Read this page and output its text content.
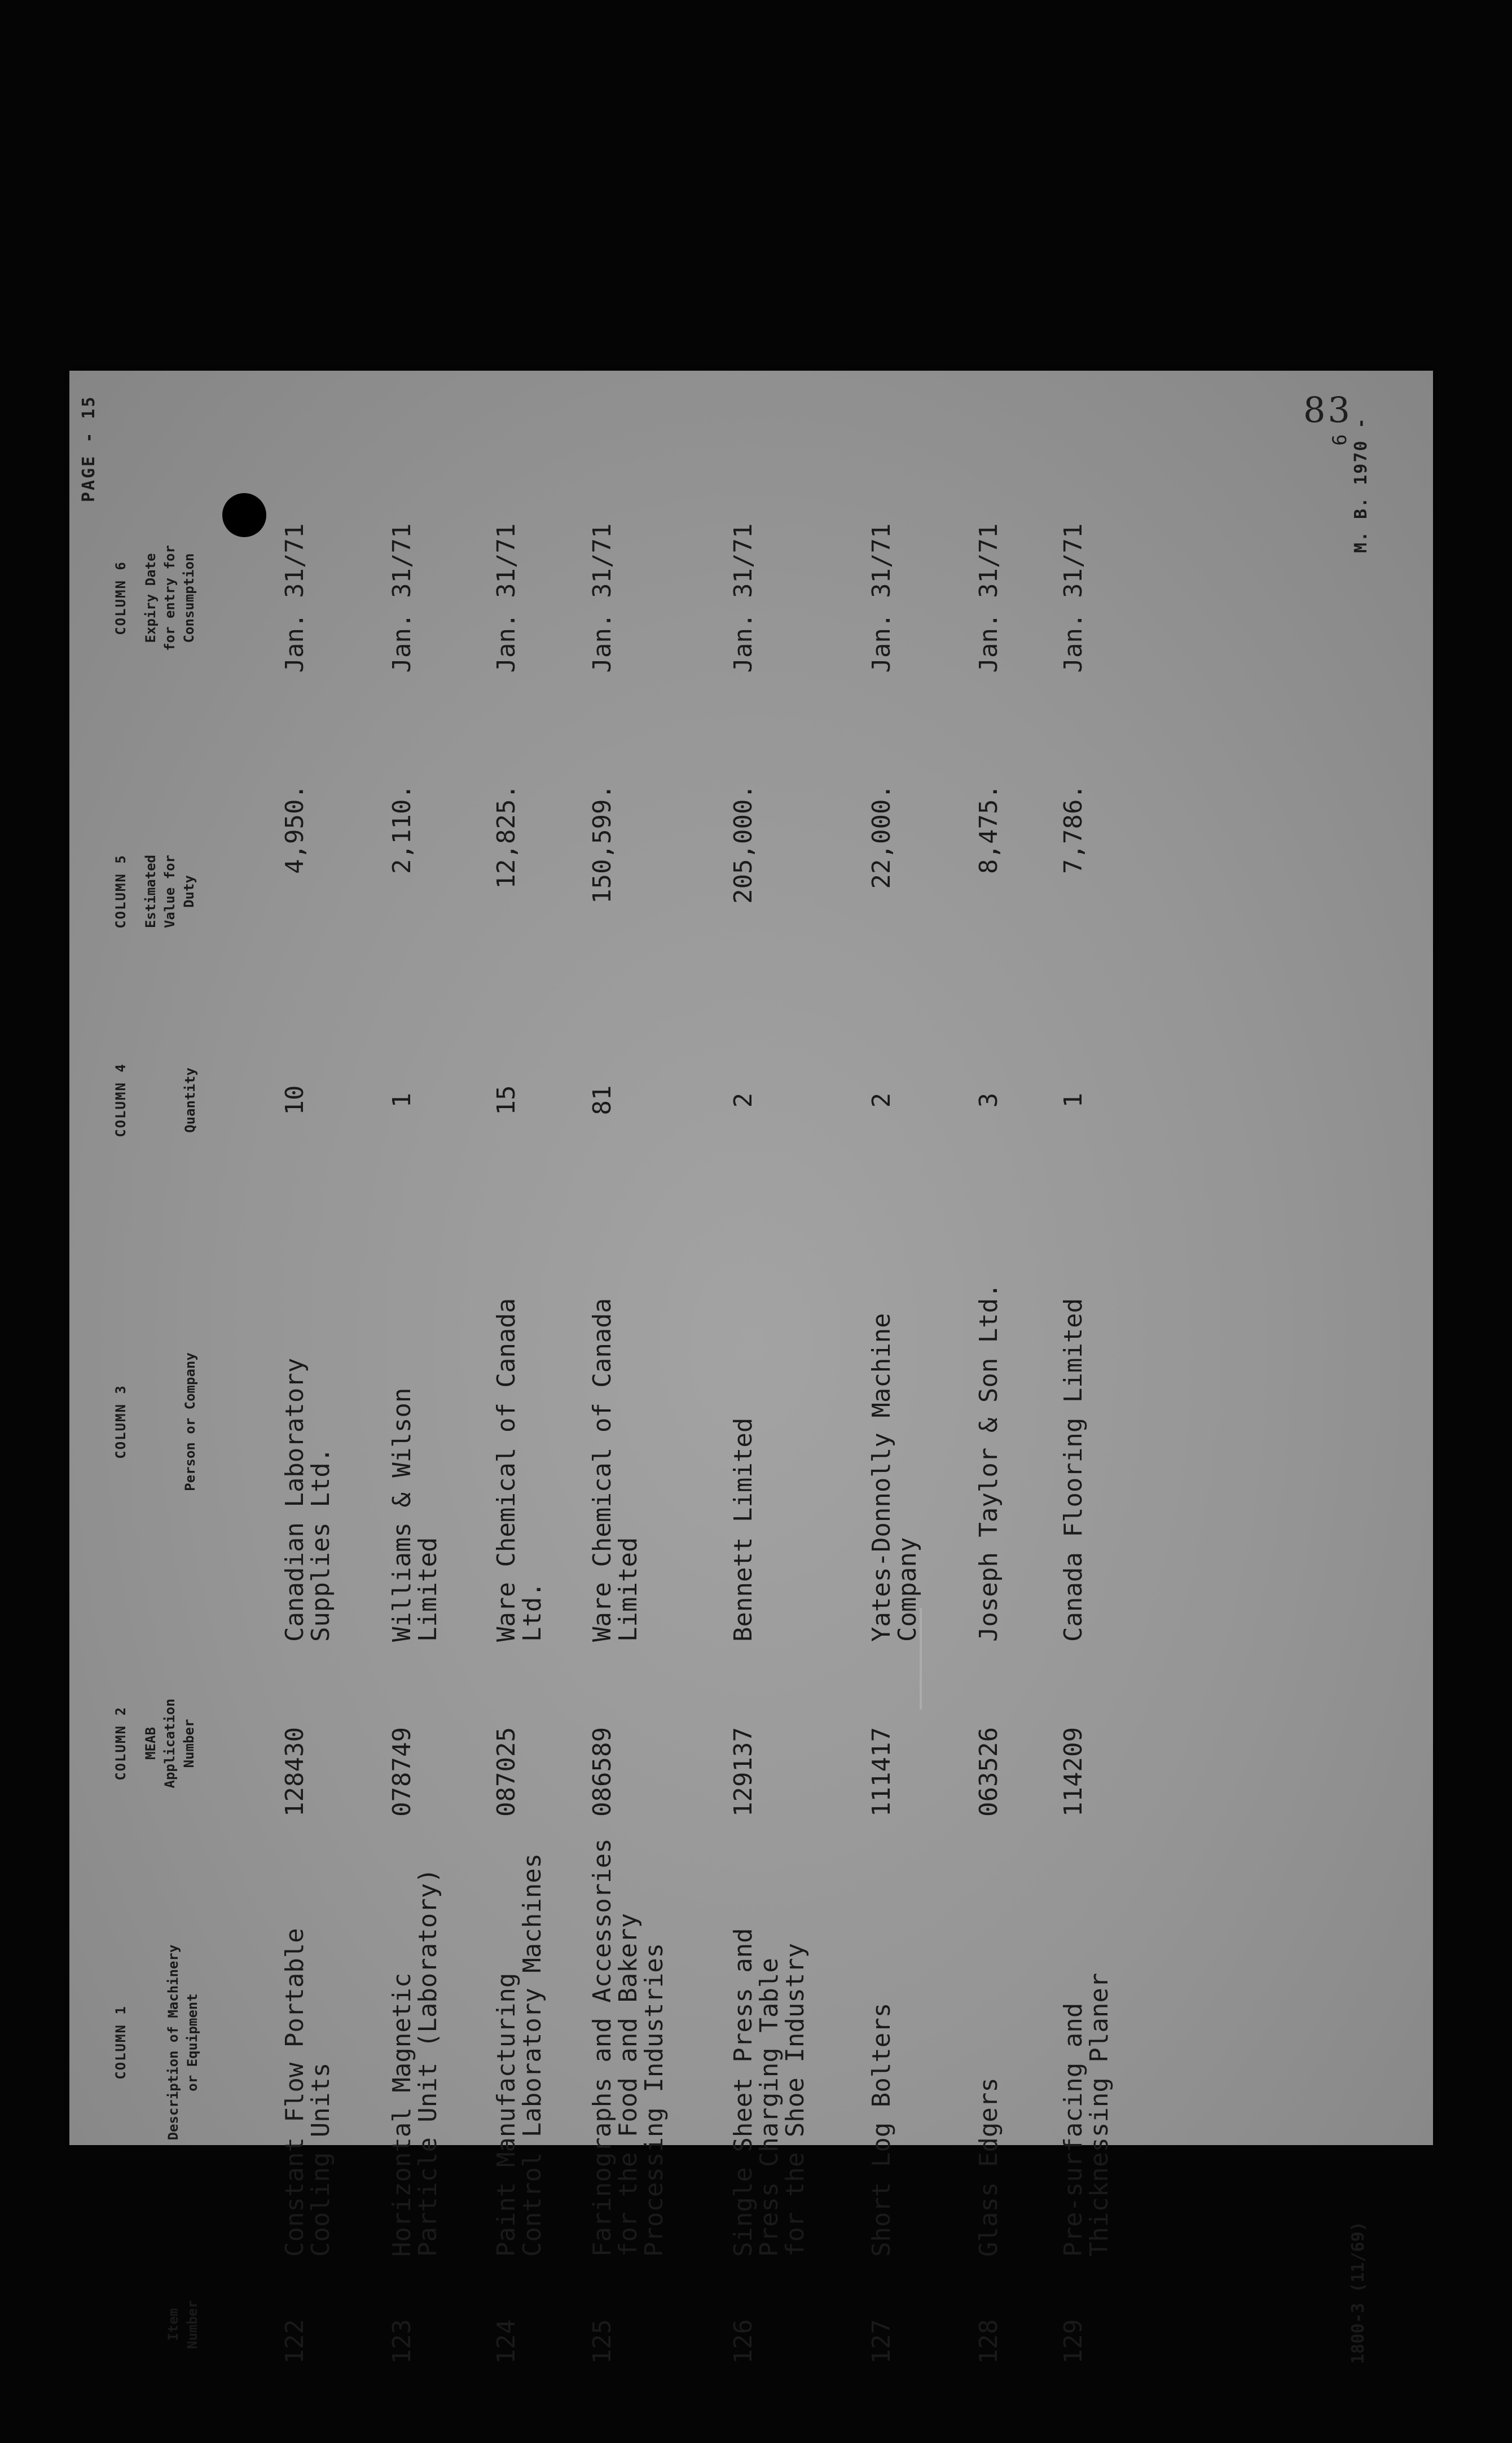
83
PAGE - 15
COLUMN 1
COLUMN 2
COLUMN 3
COLUMN 4
COLUMN 5
COLUMN 6
Item
Number
Description of Machinery
or Equipment
MEAB
Application
Number
Person or Company
Quantity
Estimated
Value for
Duty
Expiry Date
for entry for
Consumption
122
Constant Flow Portable
Cooling Units
128430
Canadian Laboratory
Supplies Ltd.
10
4,950.
Jan. 31/71
123
Horizontal Magnetic
Particle Unit (Laboratory)
078749
Williams & Wilson
Limited
1
2,110.
Jan. 31/71
124
Paint Manufacturing
Control Laboratory Machines
087025
Ware Chemical of Canada
Ltd.
15
12,825.
Jan. 31/71
125
Farinographs and Accessories
for the Food and Bakery
Processing Industries
086589
Ware Chemical of Canada
Limited
81
150,599.
Jan. 31/71
126
Single Sheet Press and
Press Charging Table
for the Shoe Industry
129137
Bennett Limited
2
205,000.
Jan. 31/71
127
Short Log Bolters
111417
Yates-Donnolly Machine
Company
2
22,000.
Jan. 31/71
128
Glass Edgers
063526
Joseph Taylor & Son Ltd.
3
8,475.
Jan. 31/71
129
Pre-surfacing and
Thicknessing Planer
114209
Canada Flooring Limited
1
7,786.
Jan. 31/71
1800-3 (11/69)
M. B. 1970 -
6
